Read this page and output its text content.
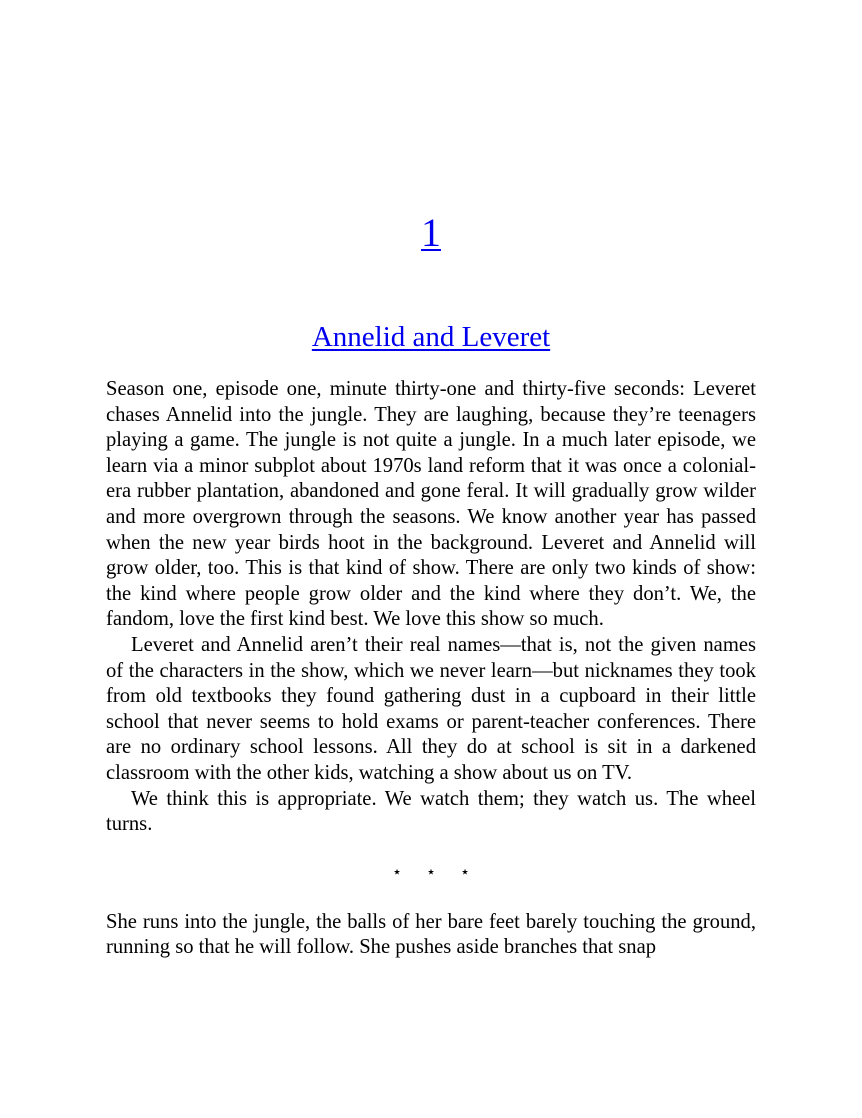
1
Annelid and Leveret

Season one, episode one, minute thirty-one and thirty-five seconds: Leveret chases Annelid into the jungle. They are laughing, because they’re teenagers playing a game. The jungle is not quite a jungle. In a much later episode, we learn via a minor subplot about 1970s land reform that it was once a colonial-era rubber plantation, abandoned and gone feral. It will gradually grow wilder and more overgrown through the seasons. We know another year has passed when the new year birds hoot in the background. Leveret and Annelid will grow older, too. This is that kind of show. There are only two kinds of show: the kind where people grow older and the kind where they don’t. We, the fandom, love the first kind best. We love this show so much.

Leveret and Annelid aren’t their real names—that is, not the given names of the characters in the show, which we never learn—but nicknames they took from old textbooks they found gathering dust in a cupboard in their little school that never seems to hold exams or parent-teacher conferences. There are no ordinary school lessons. All they do at school is sit in a darkened classroom with the other kids, watching a show about us on TV.

We think this is appropriate. We watch them; they watch us. The wheel turns.

⋆ ⋆ ⋆

She runs into the jungle, the balls of her bare feet barely touching the ground, running so that he will follow. She pushes aside branches that snap
